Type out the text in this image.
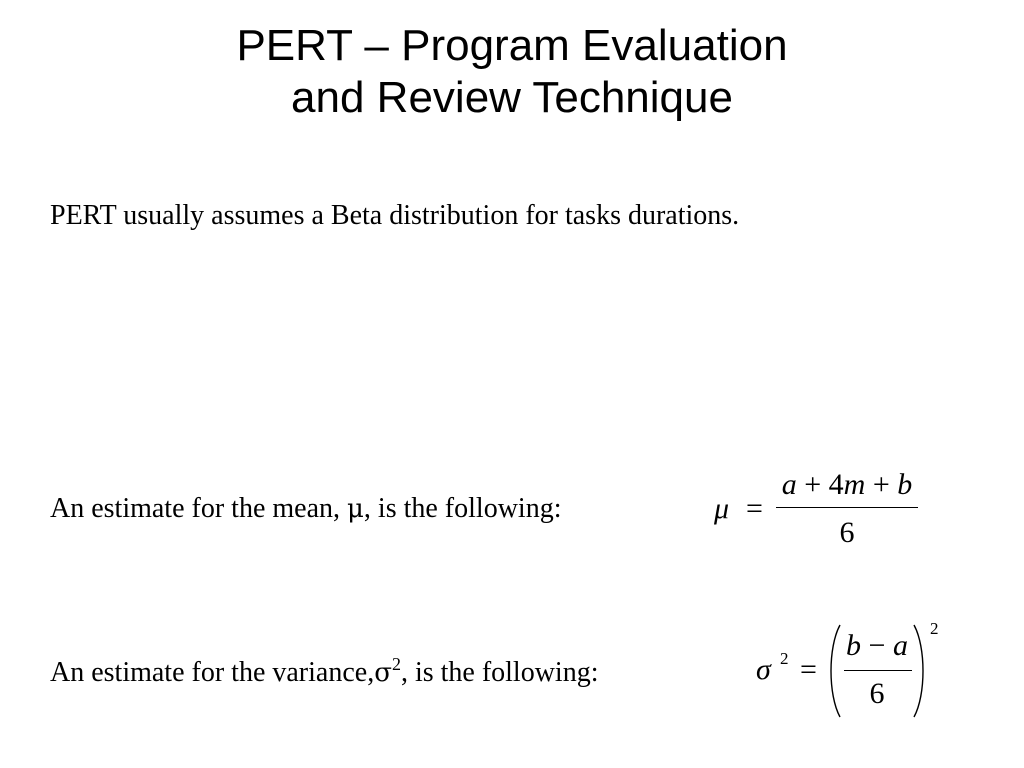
PERT – Program Evaluation
and Review Technique
PERT usually assumes a Beta distribution for tasks durations.
An estimate for the mean, μ, is the following:	μ =
a + 4m + b
6
An estimate for the $variance,\sigma^2$, is the following:	σ 2 =
b − a
6
2
